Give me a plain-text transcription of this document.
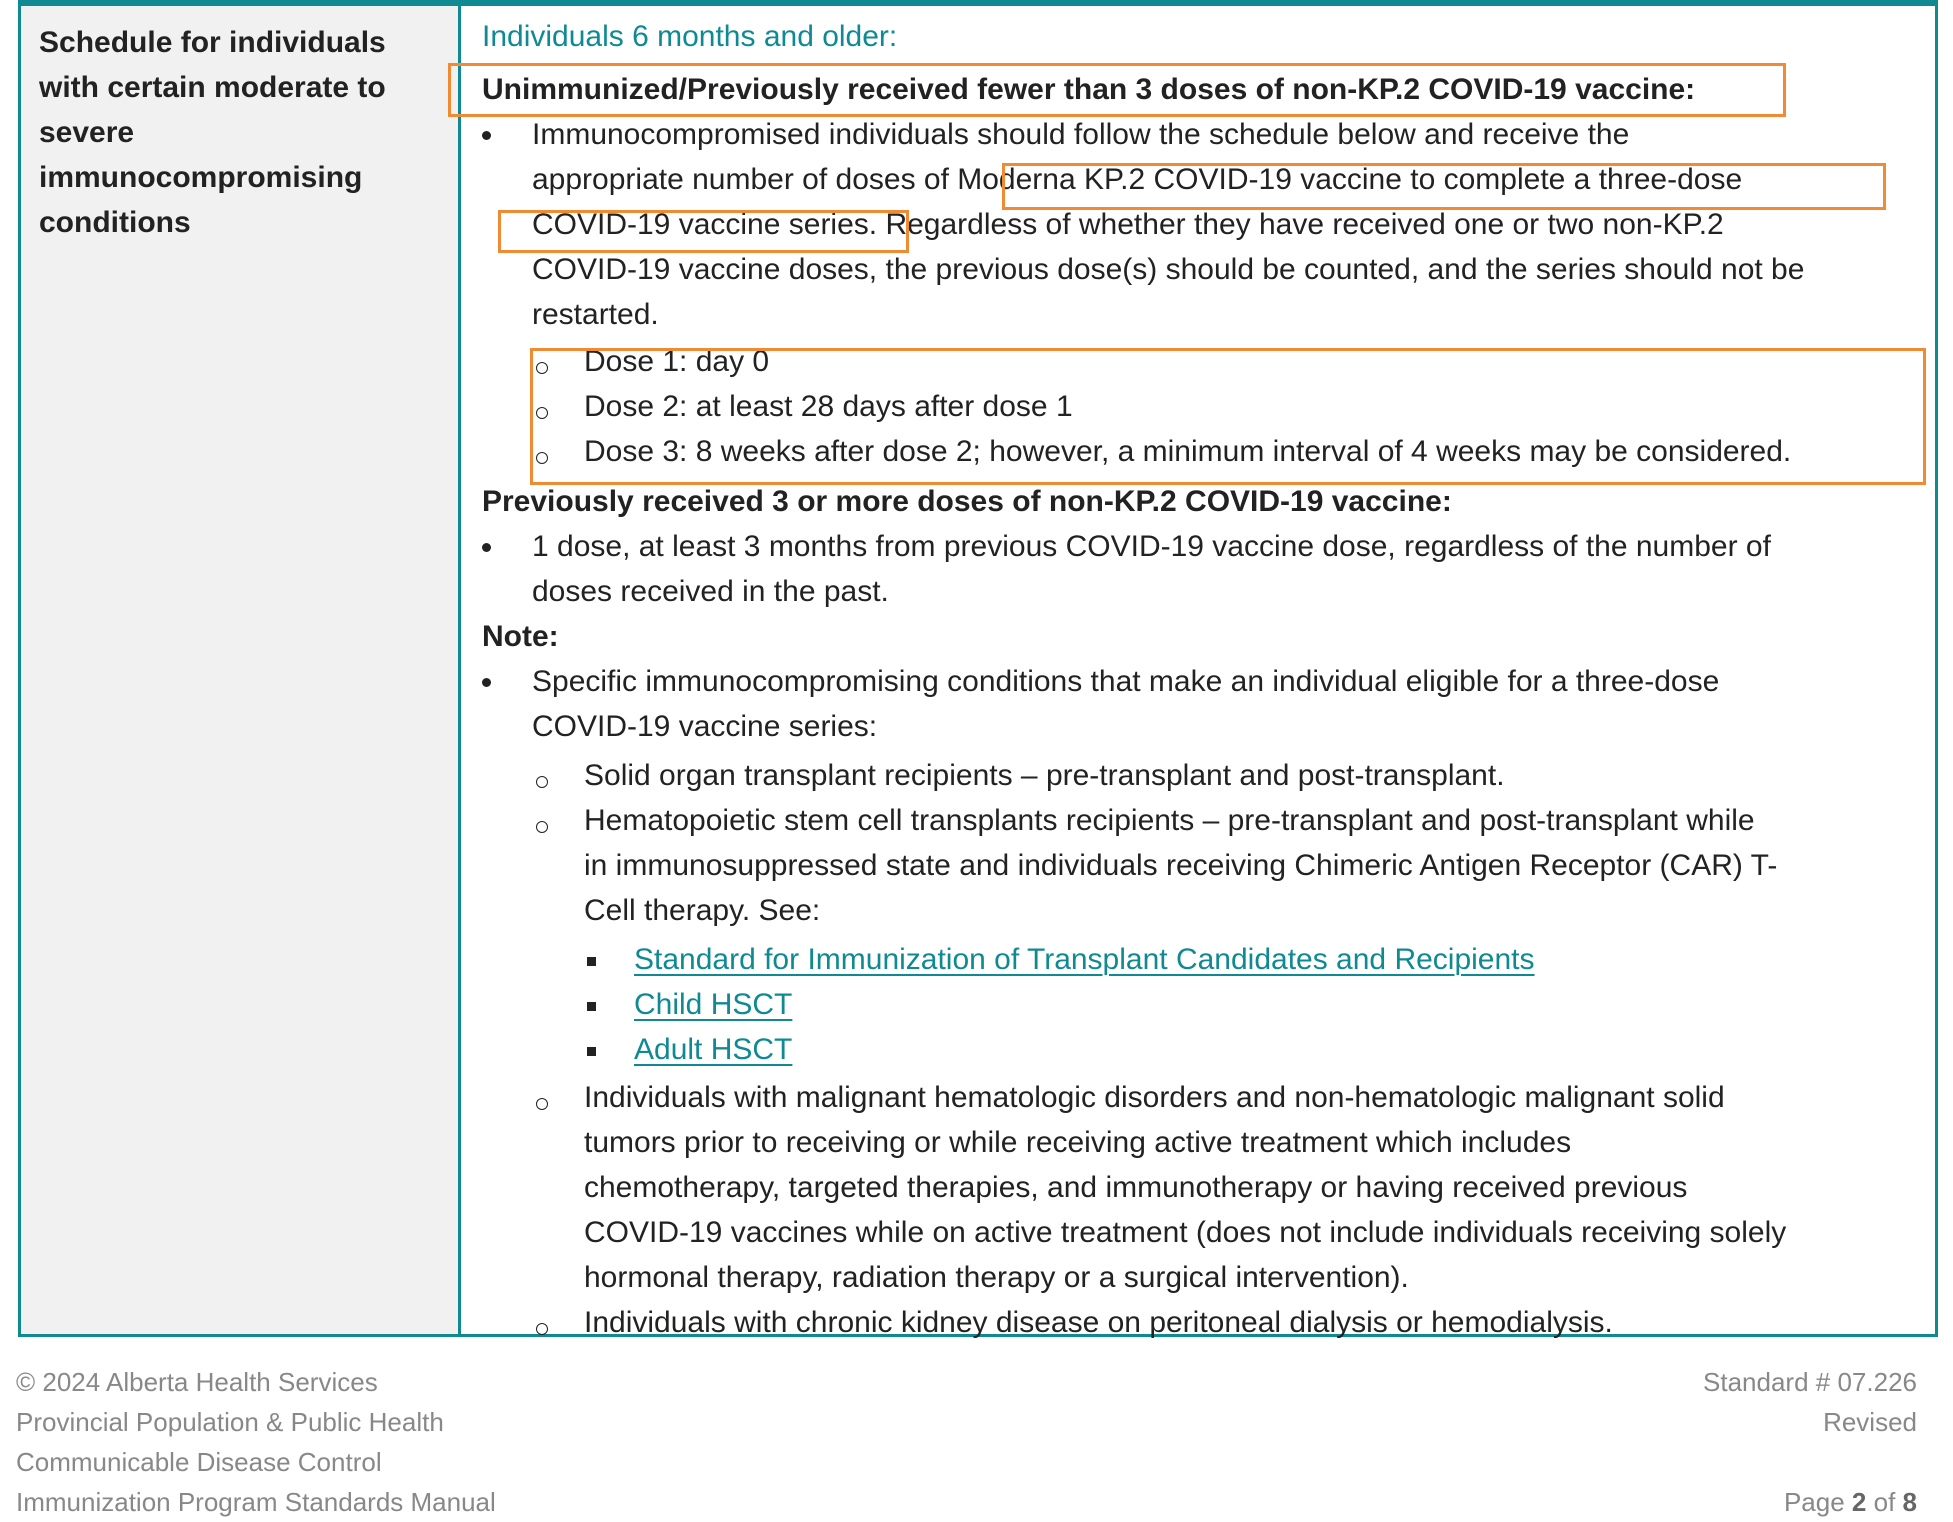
Schedule for individuals

with certain moderate to

severe

immunocompromising

conditions

Individuals 6 months and older:

Unimmunized/Previously received fewer than 3 doses of non-KP.2 COVID-19 vaccine:

Immunocompromised individuals should follow the schedule below and receive the

appropriate number of doses of Moderna KP.2 COVID-19 vaccine to complete a three-dose

COVID-19 vaccine series. Regardless of whether they have received one or two non-KP.2

COVID-19 vaccine doses, the previous dose(s) should be counted, and the series should not be

restarted.

Dose 1: day 0

Dose 2: at least 28 days after dose 1

Dose 3: 8 weeks after dose 2; however, a minimum interval of 4 weeks may be considered.

Previously received 3 or more doses of non-KP.2 COVID-19 vaccine:

1 dose, at least 3 months from previous COVID-19 vaccine dose, regardless of the number of

doses received in the past.

Note:

Specific immunocompromising conditions that make an individual eligible for a three-dose

COVID-19 vaccine series:

Solid organ transplant recipients – pre-transplant and post-transplant.

Hematopoietic stem cell transplants recipients – pre-transplant and post-transplant while

in immunosuppressed state and individuals receiving Chimeric Antigen Receptor (CAR) T-

Cell therapy. See:

Standard for Immunization of Transplant Candidates and Recipients

Child HSCT

Adult HSCT

Individuals with malignant hematologic disorders and non-hematologic malignant solid

tumors prior to receiving or while receiving active treatment which includes

chemotherapy, targeted therapies, and immunotherapy or having received previous

COVID-19 vaccines while on active treatment (does not include individuals receiving solely

hormonal therapy, radiation therapy or a surgical intervention).

Individuals with chronic kidney disease on peritoneal dialysis or hemodialysis.

© 2024 Alberta Health Services

Provincial Population & Public Health

Communicable Disease Control

Immunization Program Standards Manual

Standard # 07.226

Revised

Page 2 of 8
